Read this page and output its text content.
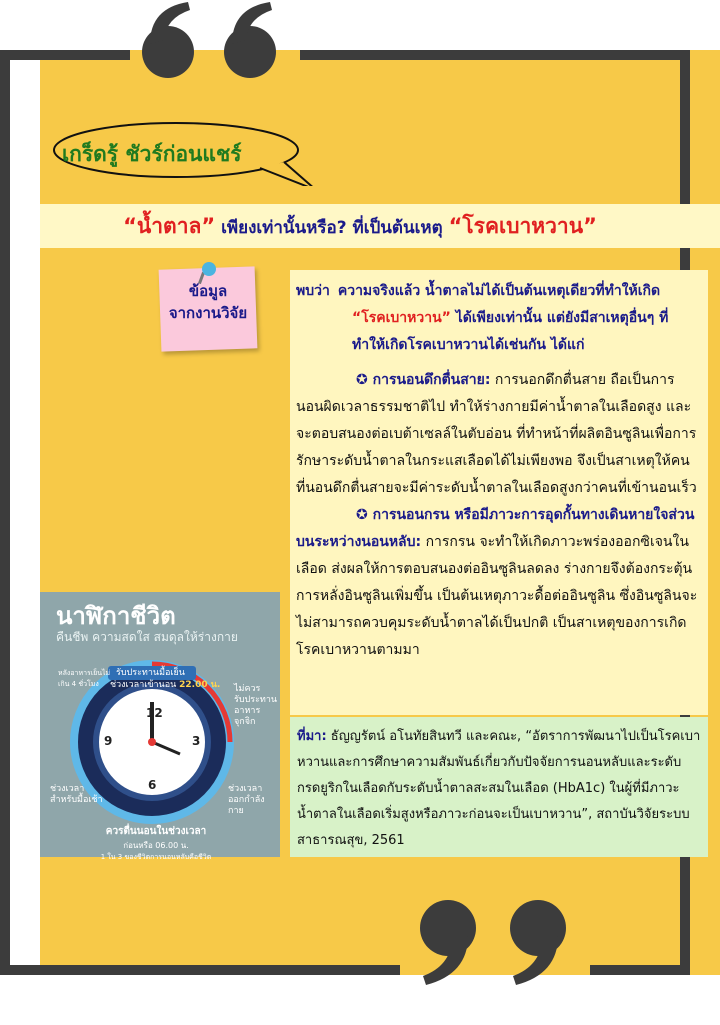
เกร็ดรู้ ชัวร์ก่อนแชร์
“น้ำตาล” เพียงเท่านั้นหรือ? ที่เป็นต้นเหตุ “โรคเบาหวาน”
ข้อมูล
จากงานวิจัย

พบว่า ความจริงแล้ว น้ำตาลไม่ได้เป็นต้นเหตุเดียวที่ทำให้เกิด

“โรคเบาหวาน” ได้เพียงเท่านั้น แต่ยังมีสาเหตุอื่นๆ ที่ทำให้เกิดโรคเบาหวานได้เช่นกัน ได้แก่

✪ การนอนดึกตื่นสาย: การนอกดึกตื่นสาย ถือเป็นการนอนผิดเวลาธรรมชาติไป ทำให้ร่างกายมีค่าน้ำตาลในเลือดสูง และจะตอบสนองต่อเบต้าเซลล์ในตับอ่อน ที่ทำหน้าที่ผลิตอินซูลินเพื่อการรักษาระดับน้ำตาลในกระแสเลือดได้ไม่เพียงพอ จึงเป็นสาเหตุให้คนที่นอนดึกตื่นสายจะมีค่าระดับน้ำตาลในเลือดสูงกว่าคนที่เข้านอนเร็ว

✪ การนอนกรน หรือมีภาวะการอุดกั้นทางเดินหายใจส่วนบนระหว่างนอนหลับ: การกรน จะทำให้เกิดภาวะพร่องออกซิเจนในเลือด ส่งผลให้การตอบสนองต่ออินซูลินลดลง ร่างกายจึงต้องกระตุ้นการหลั่งอินซูลินเพิ่มขึ้น เป็นต้นเหตุภาวะดื้อต่ออินซูลิน ซึ่งอินซูลินจะไม่สามารถควบคุมระดับน้ำตาลได้เป็นปกติ เป็นสาเหตุของการเกิดโรคเบาหวานตามมา

ที่มา: ธัญญรัตน์ อโนทัยสินทวี และคณะ, “อัตราการพัฒนาไปเป็นโรคเบาหวานและการศึกษาความสัมพันธ์เกี่ยวกับปัจจัยการนอนหลับและระดับกรดยูริกในเลือดกับระดับน้ำตาลสะสมในเลือด (HbA1c) ในผู้ที่มีภาวะน้ำตาลในเลือดเริ่มสูงหรือภาวะก่อนจะเป็นเบาหวาน”, สถาบันวิจัยระบบสาธารณสุข, 2561
นาฬิกาชีวิต
คืนชีพ ความสดใส สมดุลให้ร่างกาย
12
3
6
9
รับประทานมื้อเย็น
ช่วงเวลาเข้านอน 22.00 น. ไม่ควร
รับประทาน
อาหารจุกจิก
ช่วงเวลา
สำหรับมื้อเช้า
ช่วงเวลา
ออกกำลังกาย
หลังอาหารเย็นไม่เกิน 4 ชั่วโมง
ควรตื่นนอนในช่วงเวลา
ก่อนหรือ 06.00 น.
1 ใน 3 ของชีวิตการนอนหลับคือชีวิต
